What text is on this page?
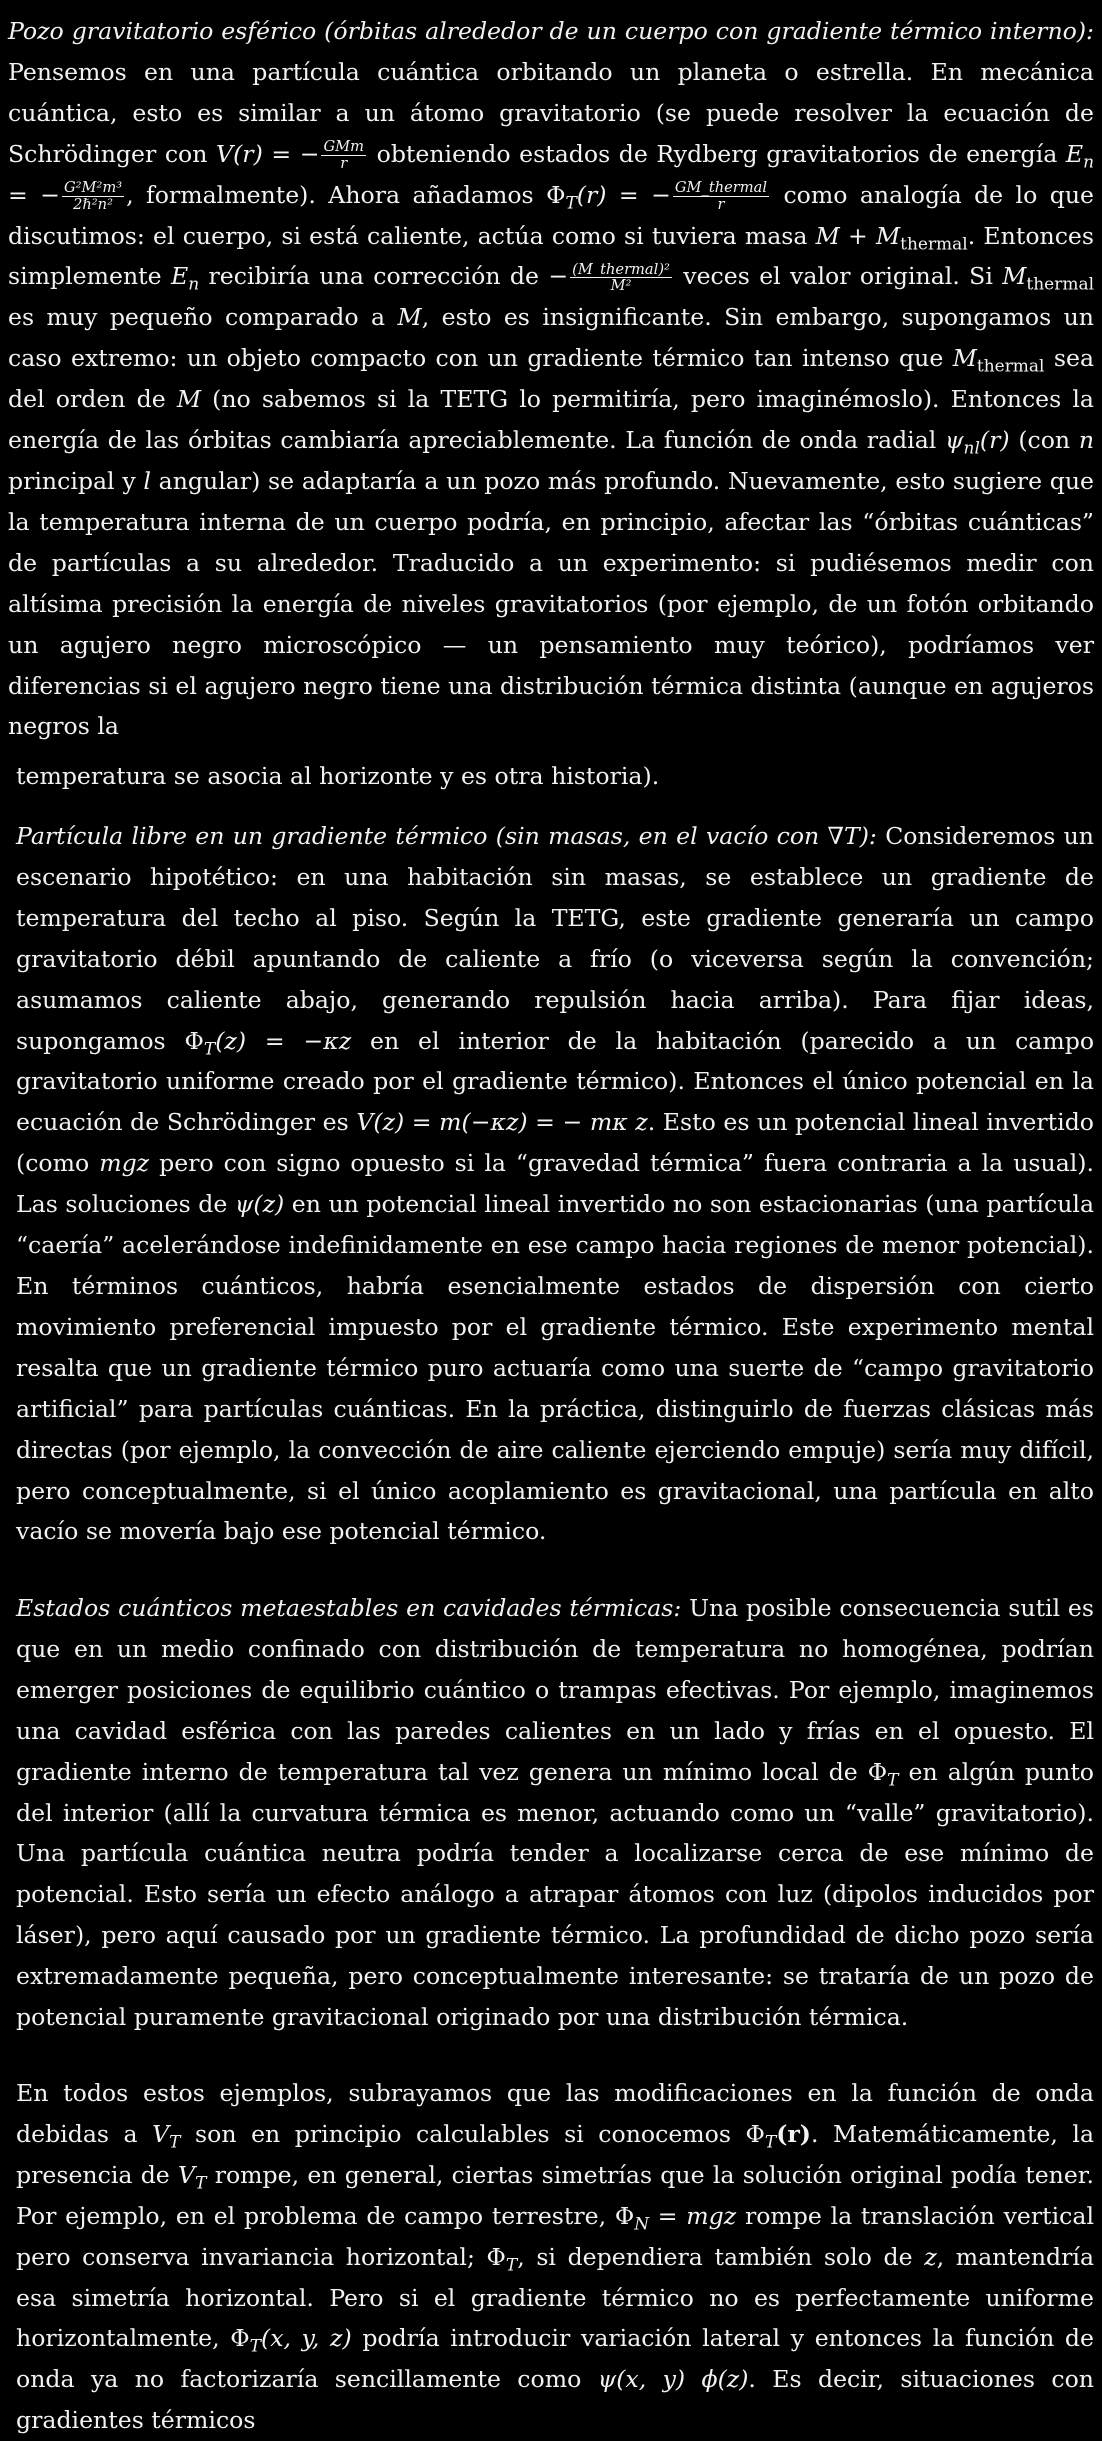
Pozo gravitatorio esférico (órbitas alrededor de un cuerpo con gradiente térmico interno): Pensemos en una partícula cuántica orbitando un planeta o estrella. En mecánica cuántica, esto es similar a un átomo gravitatorio (se puede resolver la ecuación de Schrödinger con V(r) = − $\frac{\text{GMm}}{r}$ obteniendo estados de Rydberg gravitatorios de energía $E_n$ = − $\frac{\text{G²M²m³}}{\text{2ℏ²n²}}$ , formalmente). Ahora añadamos $\Phi_T(r)$ = − $\frac{\text{GM\_thermal}}{r}$ como analogía de lo que discutimos: el cuerpo, si está caliente, actúa como si tuviera masa $M + M_{thermal}$. Entonces simplemente $E_n$ recibiría una corrección de − $\frac{\text{(M\_thermal)²}}{\text{M²}}$ veces el valor original. Si $M_{thermal}$ es muy pequeño comparado a M, esto es insignificante. Sin embargo, supongamos un caso extremo: un objeto compacto con un gradiente térmico tan intenso que $M_{thermal}$ sea del orden de M (no sabemos si la TETG lo permitiría, pero imaginémoslo). Entonces la energía de las órbitas cambiaría apreciablemente. La función de onda radial $\psi_{nl}(r)$ (con n principal y l angular) se adaptaría a un pozo más profundo. Nuevamente, esto sugiere que la temperatura interna de un cuerpo podría, en principio, afectar las “órbitas cuánticas” de partículas a su alrededor. Traducido a un experimento: si pudiésemos medir con altísima precisión la energía de niveles gravitatorios (por ejemplo, de un fotón orbitando un agujero negro microscópico — un pensamiento muy teórico), podríamos ver diferencias si el agujero negro tiene una distribución térmica distinta (aunque en agujeros negros la

temperatura se asocia al horizonte y es otra historia).

Partícula libre en un gradiente térmico (sin masas, en el vacío con ∇T): Consideremos un escenario hipotético: en una habitación sin masas, se establece un gradiente de temperatura del techo al piso. Según la TETG, este gradiente generaría un campo gravitatorio débil apuntando de caliente a frío (o viceversa según la convención; asumamos caliente abajo, generando repulsión hacia arriba). Para fijar ideas, supongamos $\Phi_T(z) = -\kappa z$ en el interior de la habitación (parecido a un campo gravitatorio uniforme creado por el gradiente térmico). Entonces el único potencial en la ecuación de Schrödinger es V(z) = m(−κz) = − mκ z. Esto es un potencial lineal invertido (como mgz pero con signo opuesto si la “gravedad térmica” fuera contraria a la usual). Las soluciones de ψ(z) en un potencial lineal invertido no son estacionarias (una partícula “caería” acelerándose indefinidamente en ese campo hacia regiones de menor potencial). En términos cuánticos, habría esencialmente estados de dispersión con cierto movimiento preferencial impuesto por el gradiente térmico. Este experimento mental resalta que un gradiente térmico puro actuaría como una suerte de “campo gravitatorio artificial” para partículas cuánticas. En la práctica, distinguirlo de fuerzas clásicas más directas (por ejemplo, la convección de aire caliente ejerciendo empuje) sería muy difícil, pero conceptualmente, si el único acoplamiento es gravitacional, una partícula en alto vacío se movería bajo ese potencial térmico.

Estados cuánticos metaestables en cavidades térmicas: Una posible consecuencia sutil es que en un medio confinado con distribución de temperatura no homogénea, podrían emerger posiciones de equilibrio cuántico o trampas efectivas. Por ejemplo, imaginemos una cavidad esférica con las paredes calientes en un lado y frías en el opuesto. El gradiente interno de temperatura tal vez genera un mínimo local de $\Phi_T$ en algún punto del interior (allí la curvatura térmica es menor, actuando como un “valle” gravitatorio). Una partícula cuántica neutra podría tender a localizarse cerca de ese mínimo de potencial. Esto sería un efecto análogo a atrapar átomos con luz (dipolos inducidos por láser), pero aquí causado por un gradiente térmico. La profundidad de dicho pozo sería extremadamente pequeña, pero conceptualmente interesante: se trataría de un pozo de potencial puramente gravitacional originado por una distribución térmica.

En todos estos ejemplos, subrayamos que las modificaciones en la función de onda debidas a $V_T$ son en principio calculables si conocemos $\Phi_T(r)$. Matemáticamente, la presencia de $V_T$ rompe, en general, ciertas simetrías que la solución original podía tener. Por ejemplo, en el problema de campo terrestre, $\Phi_N$ = mgz rompe la translación vertical pero conserva invariancia horizontal; $\Phi_T$, si dependiera también solo de z, mantendría esa simetría horizontal. Pero si el gradiente térmico no es perfectamente uniforme horizontalmente, $\Phi_T(x$, y, z) podría introducir variación lateral y entonces la función de onda ya no factorizaría sencillamente como ψ(x, y) ϕ(z). Es decir, situaciones con gradientes térmicos
